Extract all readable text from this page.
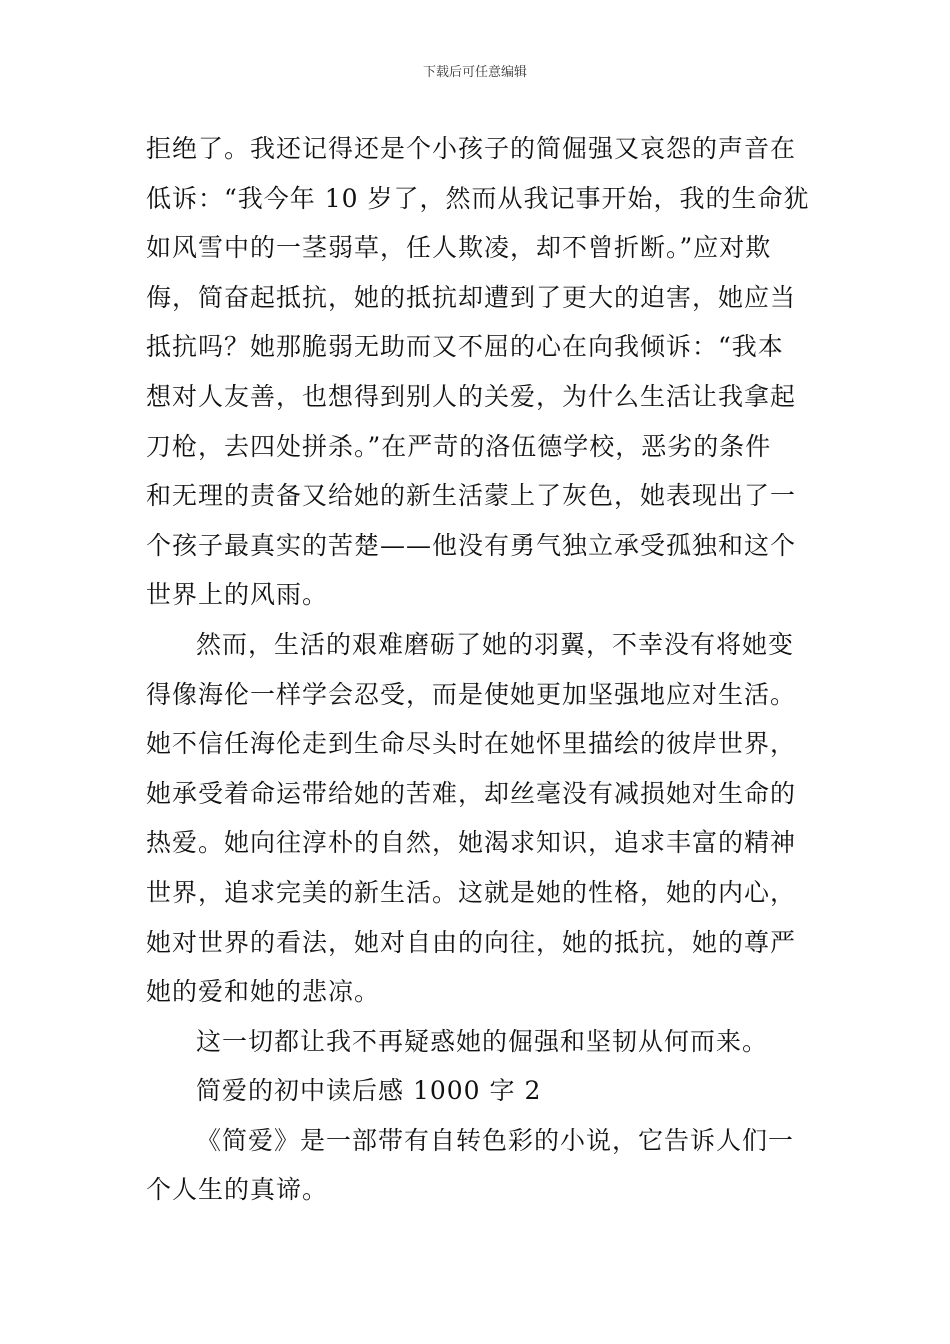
下载后可任意编辑
拒绝了。我还记得还是个小孩子的简倔强又哀怨的声音在
低诉：“我今年 10 岁了，然而从我记事开始，我的生命犹
如风雪中的一茎弱草，任人欺凌，却不曾折断。”应对欺
侮，简奋起抵抗，她的抵抗却遭到了更大的迫害，她应当
抵抗吗？她那脆弱无助而又不屈的心在向我倾诉：“我本
想对人友善，也想得到别人的关爱，为什么生活让我拿起
刀枪，去四处拼杀。”在严苛的洛伍德学校，恶劣的条件
和无理的责备又给她的新生活蒙上了灰色，她表现出了一
个孩子最真实的苦楚——他没有勇气独立承受孤独和这个
世界上的风雨。
然而，生活的艰难磨砺了她的羽翼，不幸没有将她变
得像海伦一样学会忍受，而是使她更加坚强地应对生活。
她不信任海伦走到生命尽头时在她怀里描绘的彼岸世界，
她承受着命运带给她的苦难，却丝毫没有减损她对生命的
热爱。她向往淳朴的自然，她渴求知识，追求丰富的精神
世界，追求完美的新生活。这就是她的性格，她的内心，
她对世界的看法，她对自由的向往，她的抵抗，她的尊严
她的爱和她的悲凉。
这一切都让我不再疑惑她的倔强和坚韧从何而来。
简爱的初中读后感 1000 字 2
《简爱》是一部带有自转色彩的小说，它告诉人们一
个人生的真谛。
